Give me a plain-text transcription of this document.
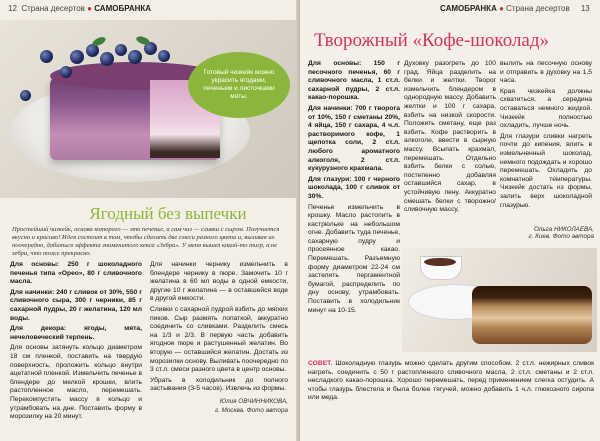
12 Страна десертов ● САМОБРАНКА
Готовый чизкейк можно украсить ягодами, печеньем и листочками мяты.
Ягодный без выпечки
Простейший чизкейк, основа которого — это печенье, а сам чиз — сливки с сыром. Получается вкусно и красиво! Идея состоит в том, чтобы сделать две смеси разного цвета и, выливая их поочередно, добиться эффекта знаменитого кекса «Зебра». У меня вышел какой-то тигр, а не зебра, что тоже прекрасно.

Для основы: 250 г шоколадного печенья типа «Орео», 80 г сливочного масла.

Для начинки: 240 г сливок от 30%, 550 г сливочного сыра, 300 г черники, 85 г сахарной пудры, 20 г желатина, 120 мл воды.

Для декора: ягоды, мята, нечеловеческий терпень.

Для основы затянуть кольцо диаметром 18 см пленкой, поставить на твердую поверхность, проложить кольцо внутри ацетатной пленкой. Измельчить печенье в блендере до мелкой крошки, влить растопленное масло, перемешать. Перекомпустить массу в кольцо и утрамбовать на дне. Поставить форму в морозилку на 20 минут.

Для начинки чернику измельчить в блендере чернику в пюре. Замочить 10 г желатина в 60 мл воды в одной емкости, другие 10 г желатина — в оставшейся воде в другой емкости.

Сливки с сахарной пудрой взбить до мягких пиков. Сыр размять лопаткой, аккуратно соединить со сливками. Разделить смесь на 1/3 и 2/3. В первую часть добавить ягодное пюре и растушенный желатин. Во вторую — оставшийся желатин. Достать из морозилки основу. Выливать поочередно по 3 ст.л. смеси разного цвета в центр основы.

Убрать в холодильник до полного застывания (3-5 часов). Извлечь из формы.

Юлия ОВЧИННИКОВА,
г. Москва. Фото автора
САМОБРАНКА ● Страна десертов 13
Творожный «Кофе-шоколад»

Для основы: 150 г песочного печенья, 60 г сливочного масла, 1 ст.л. сахарной пудры, 2 ст.л. какао-порошка.

Для начинки: 700 г творога от 10%, 150 г сметаны 20%, 4 яйца, 150 г сахара, 4 ч.л. растворимого кофе, 1 щепотка соли, 2 ст.л. любого ароматного алкоголя, 2 ст.л. кукурузного крахмала.

Для глазури: 100 г черного шоколада, 100 г сливок от 30%.

Печенье измельчить в крошку. Масло растопить в кастрюльке на небольшом огне. Добавить туда печенье, сахарную пудру и просеянное какао. Перемешать. Разъемную форму диаметром 22-24 см застелить пергаментной бумагой, распределить по дну основу, утрамбовать. Поставить в холодильник минут на 10-15.

Духовку разогреть до 100 град. Яйца разделить на белки и желтки. Творог измельчить блендером в однородную массу. Добавить желтки и 100 г сахара, взбить на низкой скорости. Положить сметану, еще раз взбить. Кофе растворить в алкоголе, ввести в сырную массу. Всыпать крахмал, перемешать. Отдельно взбить белки с солью, постепенно добавляя оставшийся сахар, в устойчивую пену. Аккуратно смешать белки с творожно/сливочную массу,

вылить на песочную основу и отправить в духовку на 1,5 часа.

Края чизкейка должны схватиться, а середина оставаться немного жидкой. Чизкейк полностью охладить, лучше ночь.

Для глазури сливки нагреть почти до кипения, влить в измельченный шоколад, немного подождать и хорошо перемешать. Охладить до комнатной температуры. Чизкейк достать из формы, залить верх шоколадной глазурью.

Ольга НИКОЛАЕВА,
г. Киев. Фото автора
СОВЕТ. Шоколадную глазурь можно сделать другим способом. 2 ст.л. нежирных сливок нагреть, соединить с 50 г растопленного сливочного масла, 2 ст.л. сметаны и 2 ст.л. несладкого какао-порошка. Хорошо перемешать, перед применением слегка остудить. А чтобы глазурь блестела и была более тягучей, можно добавить 1 ч.л. глюкозного сиропа или меда.
